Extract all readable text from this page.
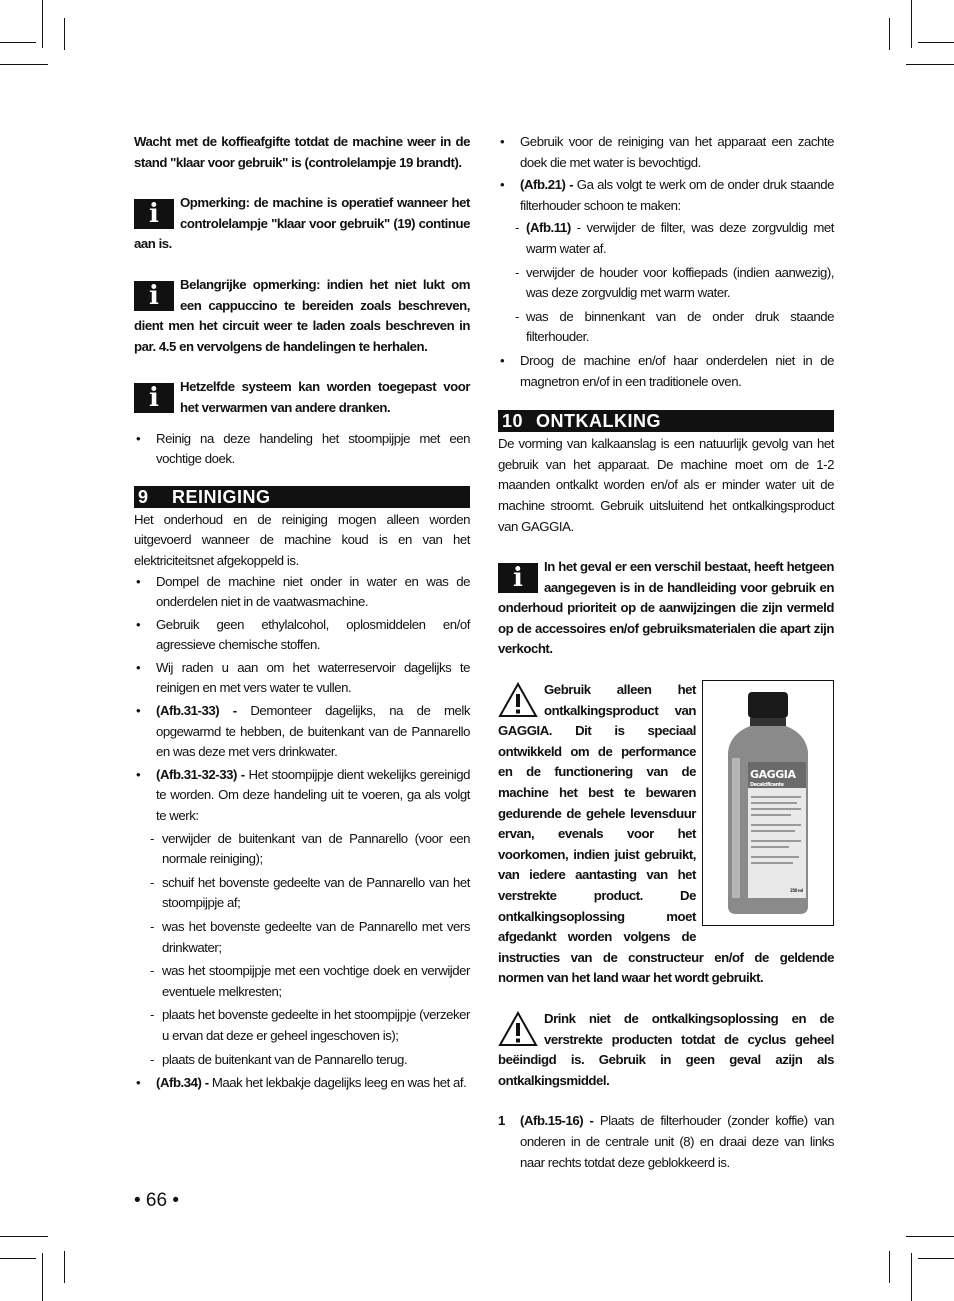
Wacht met de koffieafgifte totdat de machine weer in de stand "klaar voor gebruik" is (controlelampje 19 brandt).

i	Opmerking: de machine is operatief wanneer het controlelampje "klaar voor gebruik" (19) continue aan is.

i	Belangrijke opmerking: indien het niet lukt om een cappuccino te bereiden zoals beschreven, dient men het circuit weer te laden zoals beschreven in par. 4.5 en vervolgens de handelingen te herhalen.

i	Hetzelfde systeem kan worden toegepast voor het verwarmen van andere dranken.

• Reinig na deze handeling het stoompijpje met een vochtige doek.
9 REINIGING

Het onderhoud en de reiniging mogen alleen worden uitgevoerd wanneer de machine koud is en van het elektriciteitsnet afgekoppeld is.

• Dompel de machine niet onder in water en was de onderdelen niet in de vaatwasmachine.
• Gebruik geen ethylalcohol, oplosmiddelen en/of agressieve chemische stoffen.
• Wij raden u aan om het waterreservoir dagelijks te reinigen en met vers water te vullen.
• (Afb.31-33) - Demonteer dagelijks, na de melk opgewarmd te hebben, de buitenkant van de Pannarello en was deze met vers drinkwater.
• (Afb.31-32-33) - Het stoompijpje dient wekelijks gereinigd te worden. Om deze handeling uit te voeren, ga als volgt te werk:
- verwijder de buitenkant van de Pannarello (voor een normale reiniging);
- schuif het bovenste gedeelte van de Pannarello van het stoompijpje af;
- was het bovenste gedeelte van de Pannarello met vers drinkwater;
- was het stoompijpje met een vochtige doek en verwijder eventuele melkresten;
- plaats het bovenste gedeelte in het stoompijpje (verzeker u ervan dat deze er geheel ingeschoven is);
- plaats de buitenkant van de Pannarello terug.
• (Afb.34) - Maak het lekbakje dagelijks leeg en was het af.
• Gebruik voor de reiniging van het apparaat een zachte doek die met water is bevochtigd.
• (Afb.21) - Ga als volgt te werk om de onder druk staande filterhouder schoon te maken:
- (Afb.11) - verwijder de filter, was deze zorgvuldig met warm water af.
- verwijder de houder voor koffiepads (indien aanwezig), was deze zorgvuldig met warm water.
- was de binnenkant van de onder druk staande filterhouder.
• Droog de machine en/of haar onderdelen niet in de magnetron en/of in een traditionele oven.
10 ONTKALKING

De vorming van kalkaanslag is een natuurlijk gevolg van het gebruik van het apparaat. De machine moet om de 1-2 maanden ontkalkt worden en/of als er minder water uit de machine stroomt. Gebruik uitsluitend het ontkalkingsproduct van GAGGIA.

i	In het geval er een verschil bestaat, heeft hetgeen aangegeven is in de handleiding voor gebruik en onderhoud prioriteit op de aanwijzingen die zijn vermeld op de accessoires en/of gebruiksmaterialen die apart zijn verkocht.

GAGGIA
Decalcificante
250 ml

Gebruik alleen het ontkalkingsproduct van GAGGIA. Dit is speciaal ontwikkeld om de performance en de functionering van de machine het best te bewaren gedurende de gehele levensduur ervan, evenals voor het voorkomen, indien juist gebruikt, van iedere aantasting van het verstrekte product. De ontkalkingsoplossing moet afgedankt worden volgens de instructies van de constructeur en/of de geldende normen van het land waar het wordt gebruikt.

Drink niet de ontkalkingsoplossing en de verstrekte producten totdat de cyclus geheel beëindigd is. Gebruik in geen geval azijn als ontkalkingsmiddel.

1 (Afb.15-16) - Plaats de filterhouder (zonder koffie) van onderen in de centrale unit (8) en draai deze van links naar rechts totdat deze geblokkeerd is.
• 66 •
